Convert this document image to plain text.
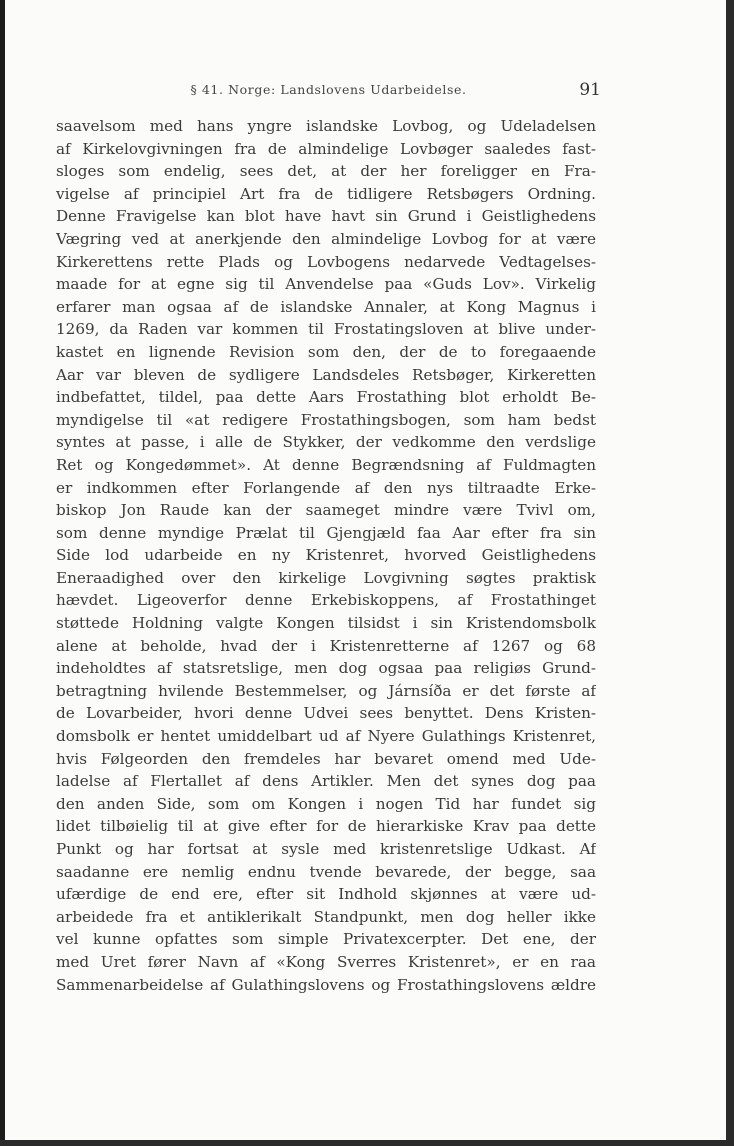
§ 41. Norge: Landslovens Udarbeidelse.	91
saavelsom med hans yngre islandske Lovbog, og Udeladelsen
af Kirkelovgivningen fra de almindelige Lovbøger saaledes fast-
sloges som endelig, sees det, at der her foreligger en Fra-
vigelse af principiel Art fra de tidligere Retsbøgers Ordning.
Denne Fravigelse kan blot have havt sin Grund i Geistlighedens
Vægring ved at anerkjende den almindelige Lovbog for at være
Kirkerettens rette Plads og Lovbogens nedarvede Vedtagelses-
maade for at egne sig til Anvendelse paa «Guds Lov». Virkelig
erfarer man ogsaa af de islandske Annaler, at Kong Magnus i
1269, da Raden var kommen til Frostatingsloven at blive under-
kastet en lignende Revision som den, der de to foregaaende
Aar var bleven de sydligere Landsdeles Retsbøger, Kirkeretten
indbefattet, tildel, paa dette Aars Frostathing blot erholdt Be-
myndigelse til «at redigere Frostathingsbogen, som ham bedst
syntes at passe, i alle de Stykker, der vedkomme den verdslige
Ret og Kongedømmet». At denne Begrændsning af Fuldmagten
er indkommen efter Forlangende af den nys tiltraadte Erke-
biskop Jon Raude kan der saameget mindre være Tvivl om,
som denne myndige Prælat til Gjengjæld faa Aar efter fra sin
Side lod udarbeide en ny Kristenret, hvorved Geistlighedens
Eneraadighed over den kirkelige Lovgivning søgtes praktisk
hævdet. Ligeoverfor denne Erkebiskoppens, af Frostathinget
støttede Holdning valgte Kongen tilsidst i sin Kristendomsbolk
alene at beholde, hvad der i Kristenretterne af 1267 og 68
indeholdtes af statsretslige, men dog ogsaa paa religiøs Grund-
betragtning hvilende Bestemmelser, og Járnsíða er det første af
de Lovarbeider, hvori denne Udvei sees benyttet. Dens Kristen-
domsbolk er hentet umiddelbart ud af Nyere Gulathings Kristenret,
hvis Følgeorden den fremdeles har bevaret omend med Ude-
ladelse af Flertallet af dens Artikler. Men det synes dog paa
den anden Side, som om Kongen i nogen Tid har fundet sig
lidet tilbøielig til at give efter for de hierarkiske Krav paa dette
Punkt og har fortsat at sysle med kristenretslige Udkast. Af
saadanne ere nemlig endnu tvende bevarede, der begge, saa
ufærdige de end ere, efter sit Indhold skjønnes at være ud-
arbeidede fra et antiklerikalt Standpunkt, men dog heller ikke
vel kunne opfattes som simple Privatexcerpter. Det ene, der
med Uret fører Navn af «Kong Sverres Kristenret», er en raa
Sammenarbeidelse af Gulathingslovens og Frostathingslovens ældre
